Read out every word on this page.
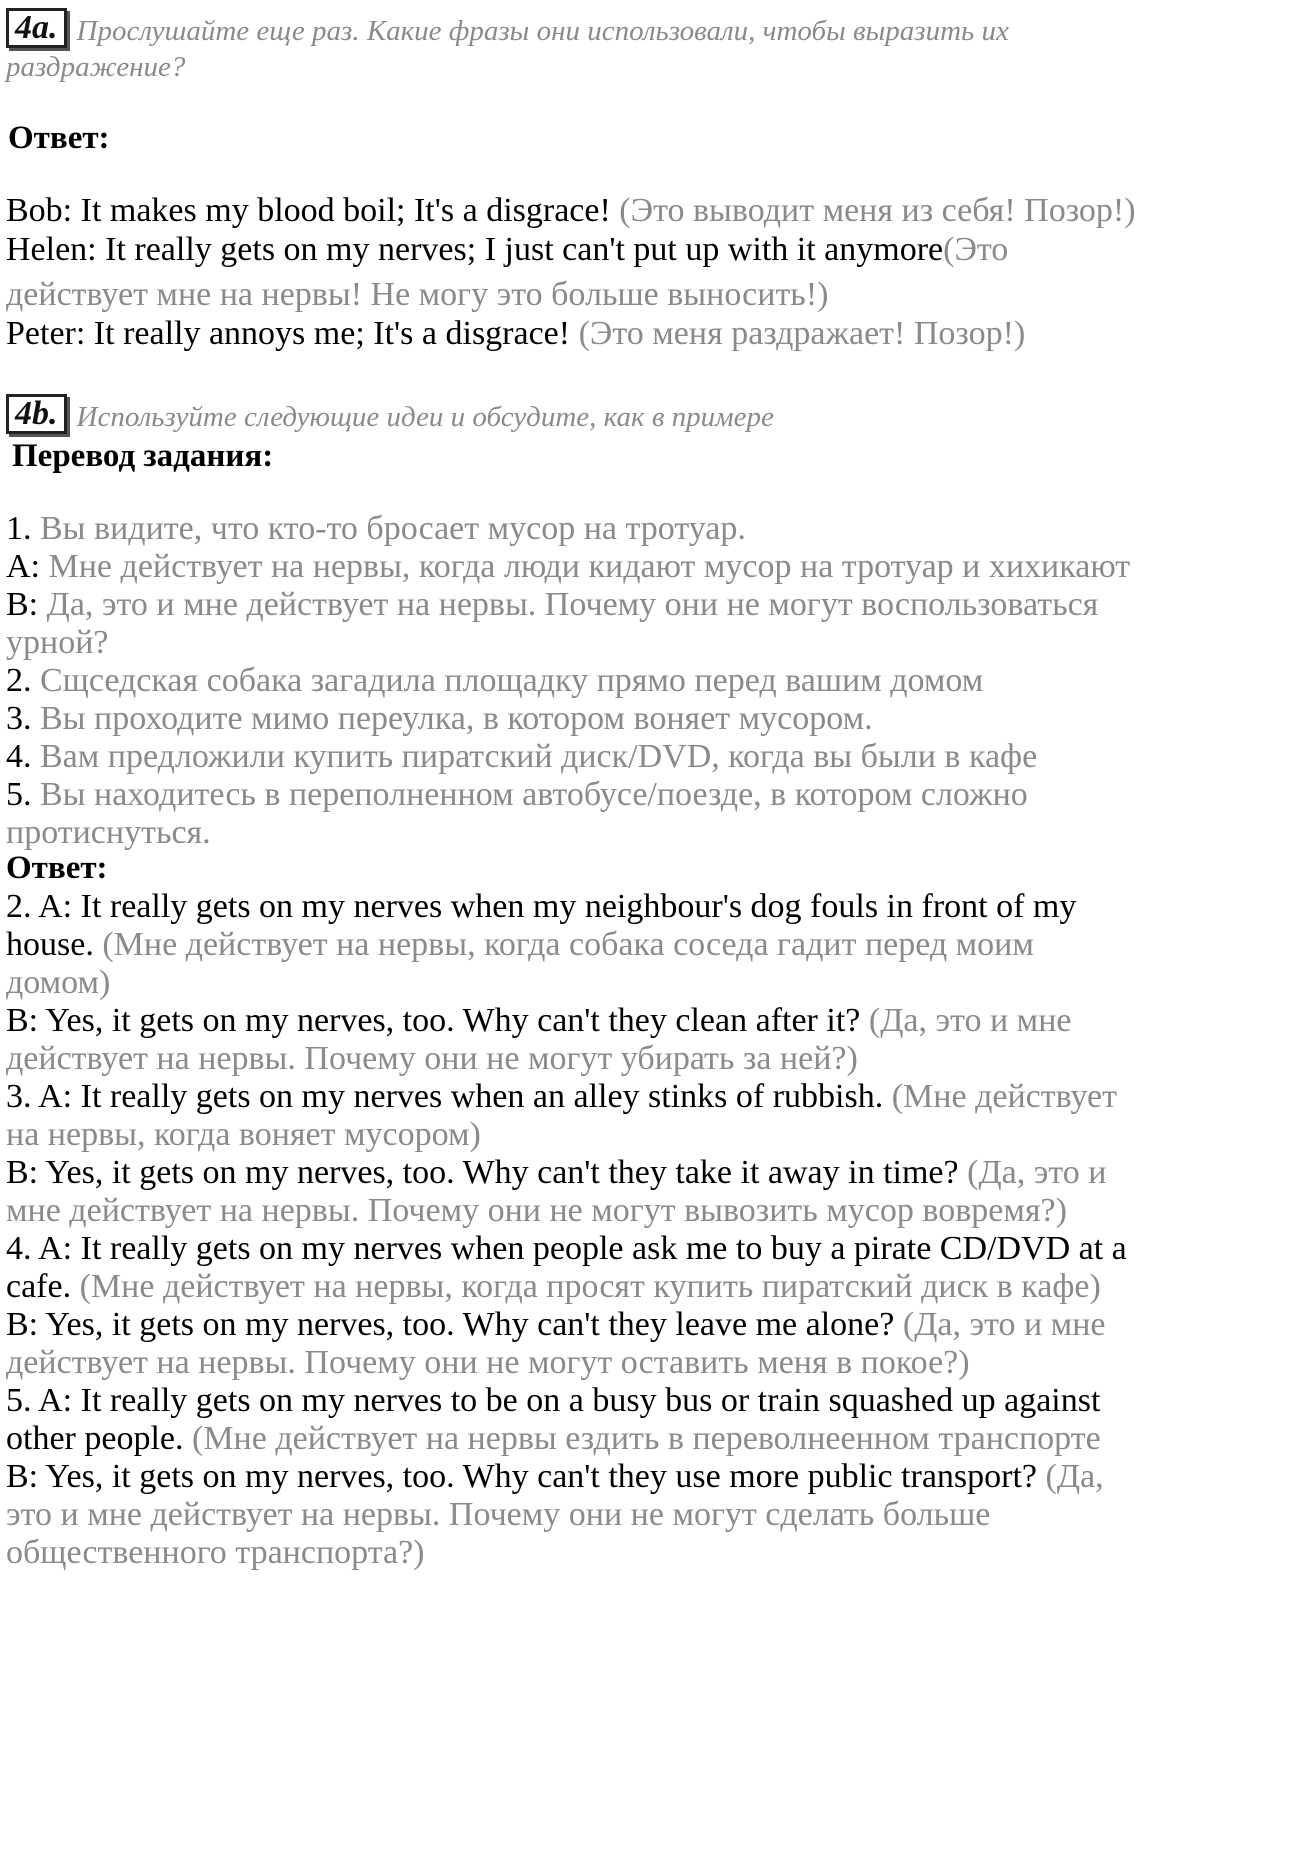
4a. Прослушайте еще раз. Какие фразы они использовали, чтобы выразить их
раздражение?
Ответ:
Bob: It makes my blood boil; It's a disgrace! (Это выводит меня из себя! Позор!)
Helen: It really gets on my nerves; I just can't put up with it anymore(Это
действует мне на нервы! Не могу это больше выносить!)
Peter: It really annoys me; It's a disgrace! (Это меня раздражает! Позор!)
4b. Используйте следующие идеи и обсудите, как в примере
Перевод задания:
1. Вы видите, что кто-то бросает мусор на тротуар.
A: Мне действует на нервы, когда люди кидают мусор на тротуар и хихикают
B: Да, это и мне действует на нервы. Почему они не могут воспользоваться
урной?
2. Сщседская собака загадила площадку прямо перед вашим домом
3. Вы проходите мимо переулка, в котором воняет мусором.
4. Вам предложили купить пиратский диск/DVD, когда вы были в кафе
5. Вы находитесь в переполненном автобусе/поезде, в котором сложно
протиснуться.
Ответ:
2. A: It really gets on my nerves when my neighbour's dog fouls in front of my
house. (Мне действует на нервы, когда собака соседа гадит перед моим
домом)
B: Yes, it gets on my nerves, too. Why can't they clean after it? (Да, это и мне
действует на нервы. Почему они не могут убирать за ней?)
3. A: It really gets on my nerves when an alley stinks of rubbish. (Мне действует
на нервы, когда воняет мусором)
B: Yes, it gets on my nerves, too. Why can't they take it away in time? (Да, это и
мне действует на нервы. Почему они не могут вывозить мусор вовремя?)
4. A: It really gets on my nerves when people ask me to buy a pirate CD/DVD at a
cafe. (Мне действует на нервы, когда просят купить пиратский диск в кафе)
B: Yes, it gets on my nerves, too. Why can't they leave me alone? (Да, это и мне
действует на нервы. Почему они не могут оставить меня в покое?)
5. A: It really gets on my nerves to be on a busy bus or train squashed up against
other people. (Мне действует на нервы ездить в переволнеенном транспорте
B: Yes, it gets on my nerves, too. Why can't they use more public transport? (Да,
это и мне действует на нервы. Почему они не могут сделать больше
общественного транспорта?)
